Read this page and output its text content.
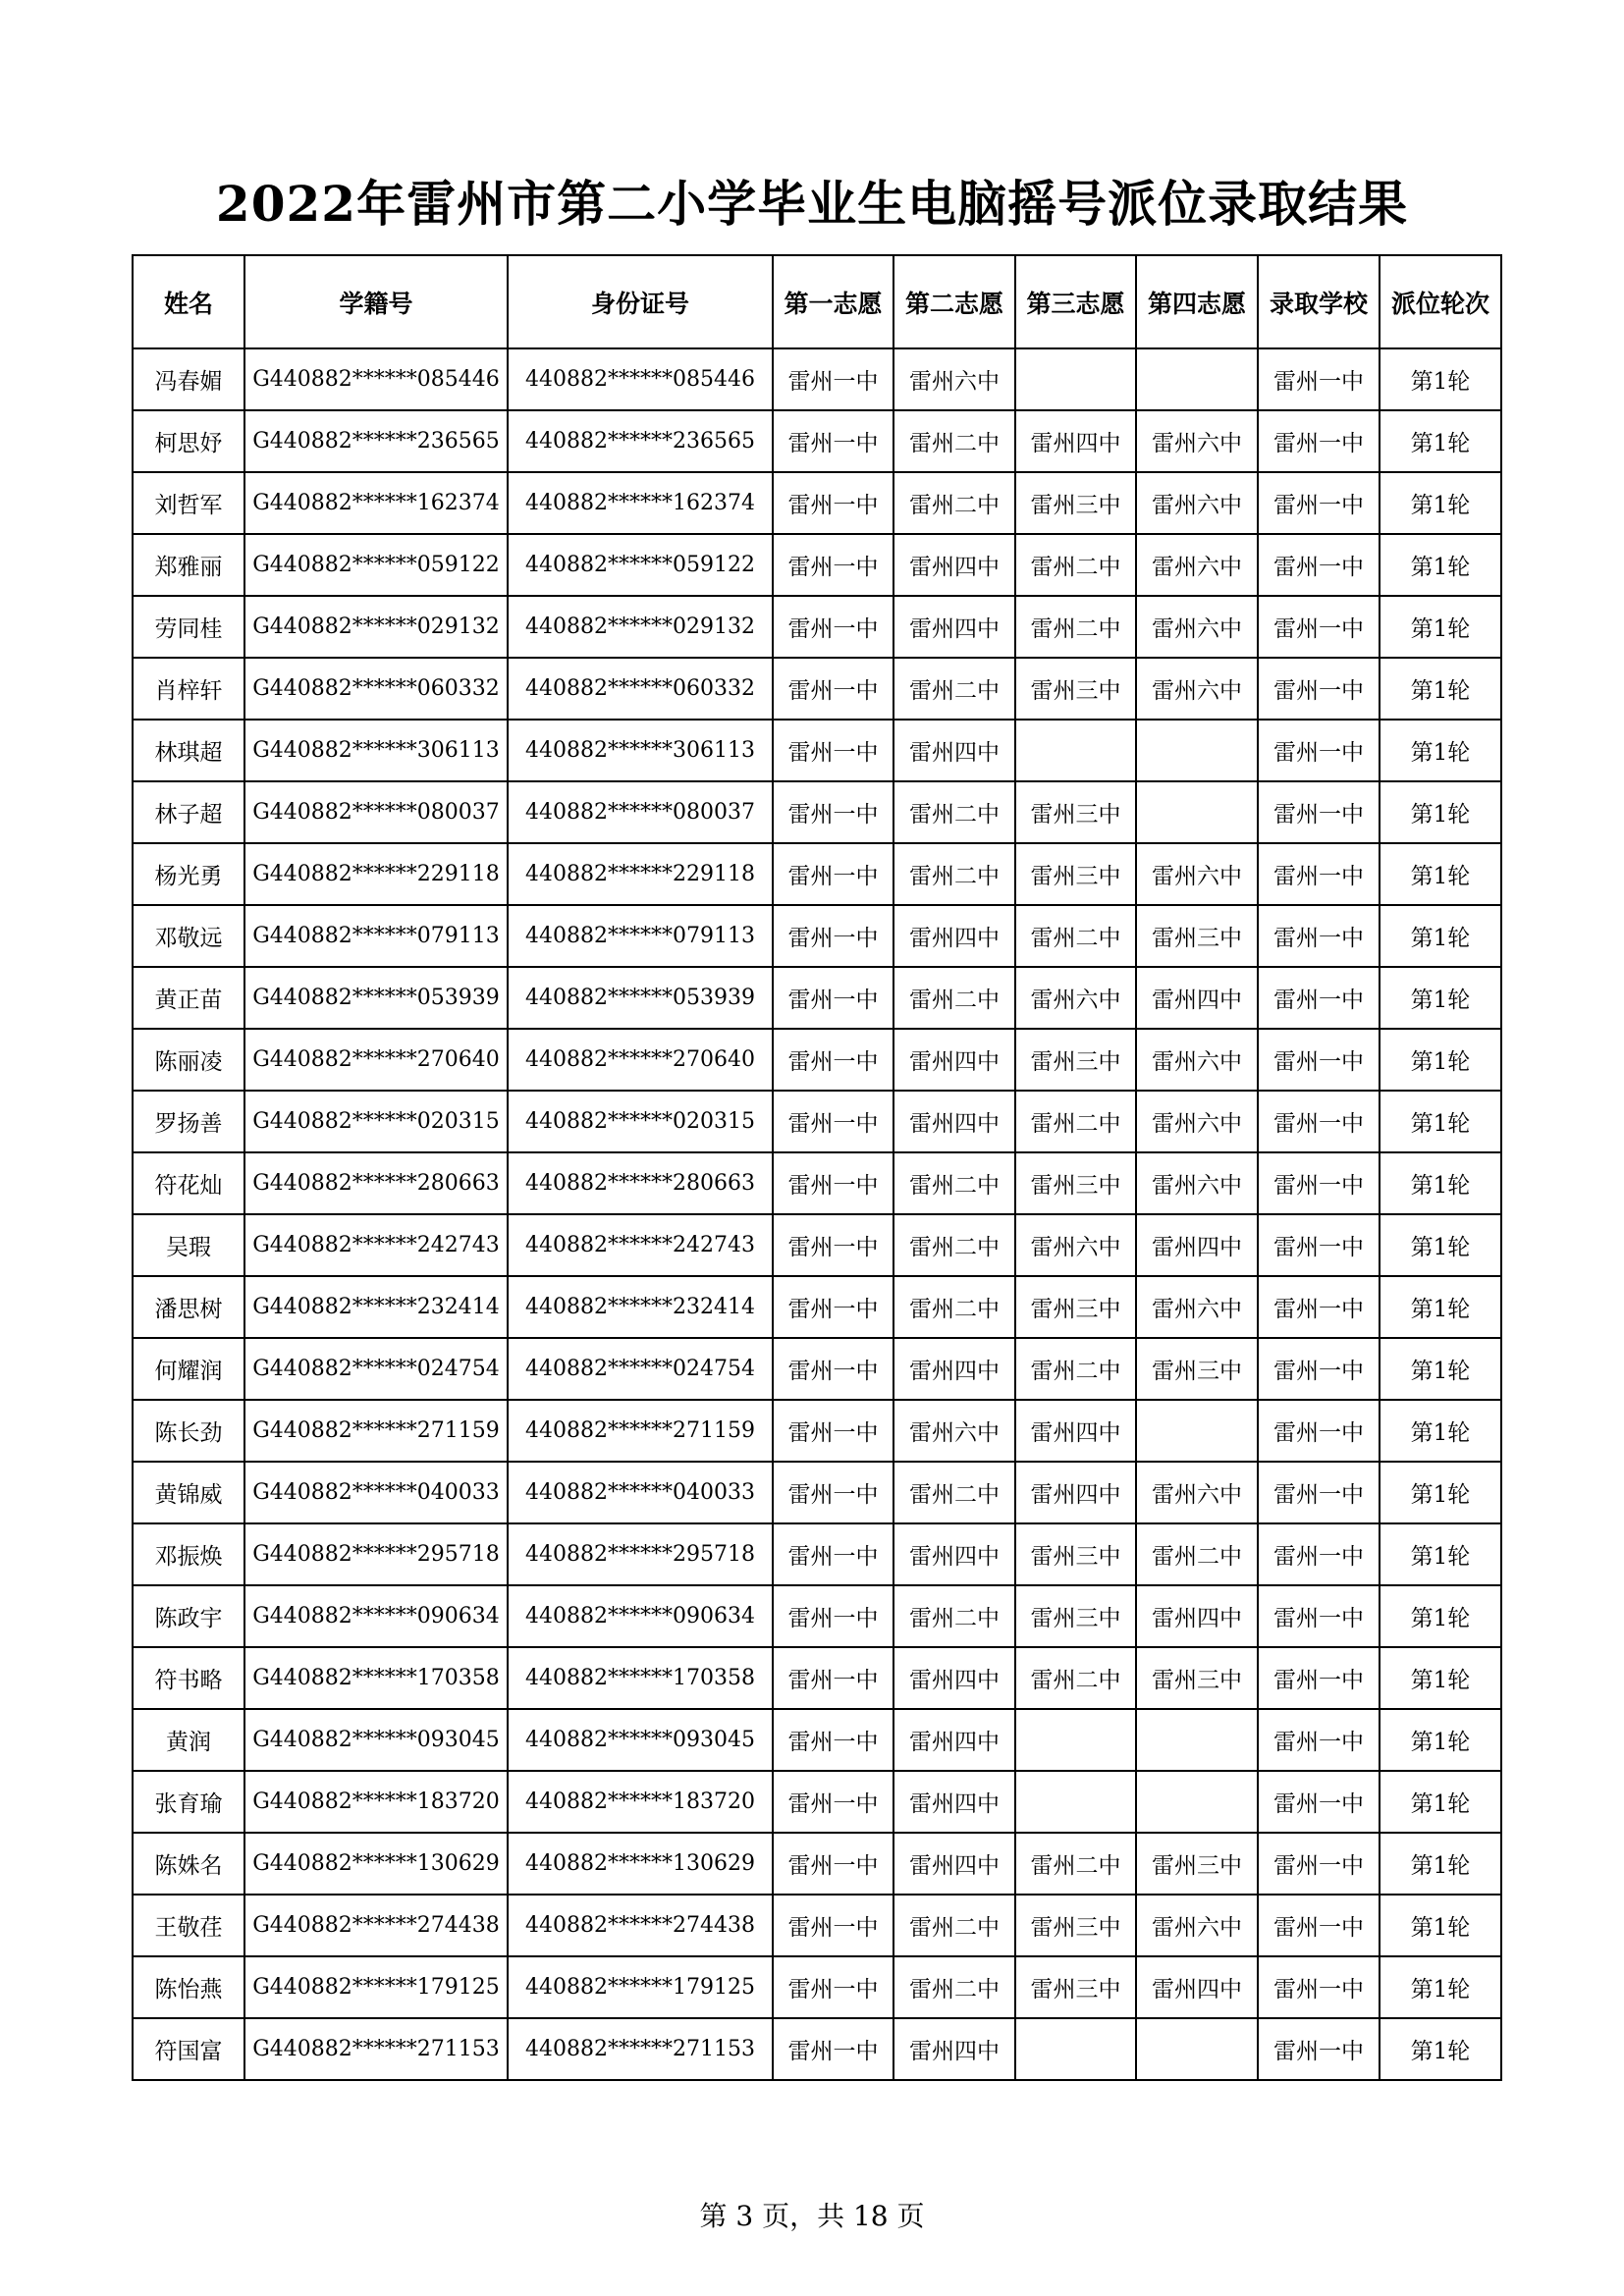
2022年雷州市第二小学毕业生电脑摇号派位录取结果
姓名	学籍号	身份证号	第一志愿	第二志愿	第三志愿	第四志愿	录取学校	派位轮次
冯春媚	G440882******085446	440882******085446	雷州一中	雷州六中			雷州一中	第1轮
柯思妤	G440882******236565	440882******236565	雷州一中	雷州二中	雷州四中	雷州六中	雷州一中	第1轮
刘哲军	G440882******162374	440882******162374	雷州一中	雷州二中	雷州三中	雷州六中	雷州一中	第1轮
郑雅丽	G440882******059122	440882******059122	雷州一中	雷州四中	雷州二中	雷州六中	雷州一中	第1轮
劳同桂	G440882******029132	440882******029132	雷州一中	雷州四中	雷州二中	雷州六中	雷州一中	第1轮
肖梓轩	G440882******060332	440882******060332	雷州一中	雷州二中	雷州三中	雷州六中	雷州一中	第1轮
林琪超	G440882******306113	440882******306113	雷州一中	雷州四中			雷州一中	第1轮
林子超	G440882******080037	440882******080037	雷州一中	雷州二中	雷州三中		雷州一中	第1轮
杨光勇	G440882******229118	440882******229118	雷州一中	雷州二中	雷州三中	雷州六中	雷州一中	第1轮
邓敬远	G440882******079113	440882******079113	雷州一中	雷州四中	雷州二中	雷州三中	雷州一中	第1轮
黄正苗	G440882******053939	440882******053939	雷州一中	雷州二中	雷州六中	雷州四中	雷州一中	第1轮
陈丽凌	G440882******270640	440882******270640	雷州一中	雷州四中	雷州三中	雷州六中	雷州一中	第1轮
罗扬善	G440882******020315	440882******020315	雷州一中	雷州四中	雷州二中	雷州六中	雷州一中	第1轮
符花灿	G440882******280663	440882******280663	雷州一中	雷州二中	雷州三中	雷州六中	雷州一中	第1轮
吴瑕	G440882******242743	440882******242743	雷州一中	雷州二中	雷州六中	雷州四中	雷州一中	第1轮
潘思树	G440882******232414	440882******232414	雷州一中	雷州二中	雷州三中	雷州六中	雷州一中	第1轮
何耀润	G440882******024754	440882******024754	雷州一中	雷州四中	雷州二中	雷州三中	雷州一中	第1轮
陈长劲	G440882******271159	440882******271159	雷州一中	雷州六中	雷州四中		雷州一中	第1轮
黄锦威	G440882******040033	440882******040033	雷州一中	雷州二中	雷州四中	雷州六中	雷州一中	第1轮
邓振焕	G440882******295718	440882******295718	雷州一中	雷州四中	雷州三中	雷州二中	雷州一中	第1轮
陈政宇	G440882******090634	440882******090634	雷州一中	雷州二中	雷州三中	雷州四中	雷州一中	第1轮
符书略	G440882******170358	440882******170358	雷州一中	雷州四中	雷州二中	雷州三中	雷州一中	第1轮
黄润	G440882******093045	440882******093045	雷州一中	雷州四中			雷州一中	第1轮
张育瑜	G440882******183720	440882******183720	雷州一中	雷州四中			雷州一中	第1轮
陈姝名	G440882******130629	440882******130629	雷州一中	雷州四中	雷州二中	雷州三中	雷州一中	第1轮
王敬荏	G440882******274438	440882******274438	雷州一中	雷州二中	雷州三中	雷州六中	雷州一中	第1轮
陈怡燕	G440882******179125	440882******179125	雷州一中	雷州二中	雷州三中	雷州四中	雷州一中	第1轮
符国富	G440882******271153	440882******271153	雷州一中	雷州四中			雷州一中	第1轮
第 3 页，共 18 页
